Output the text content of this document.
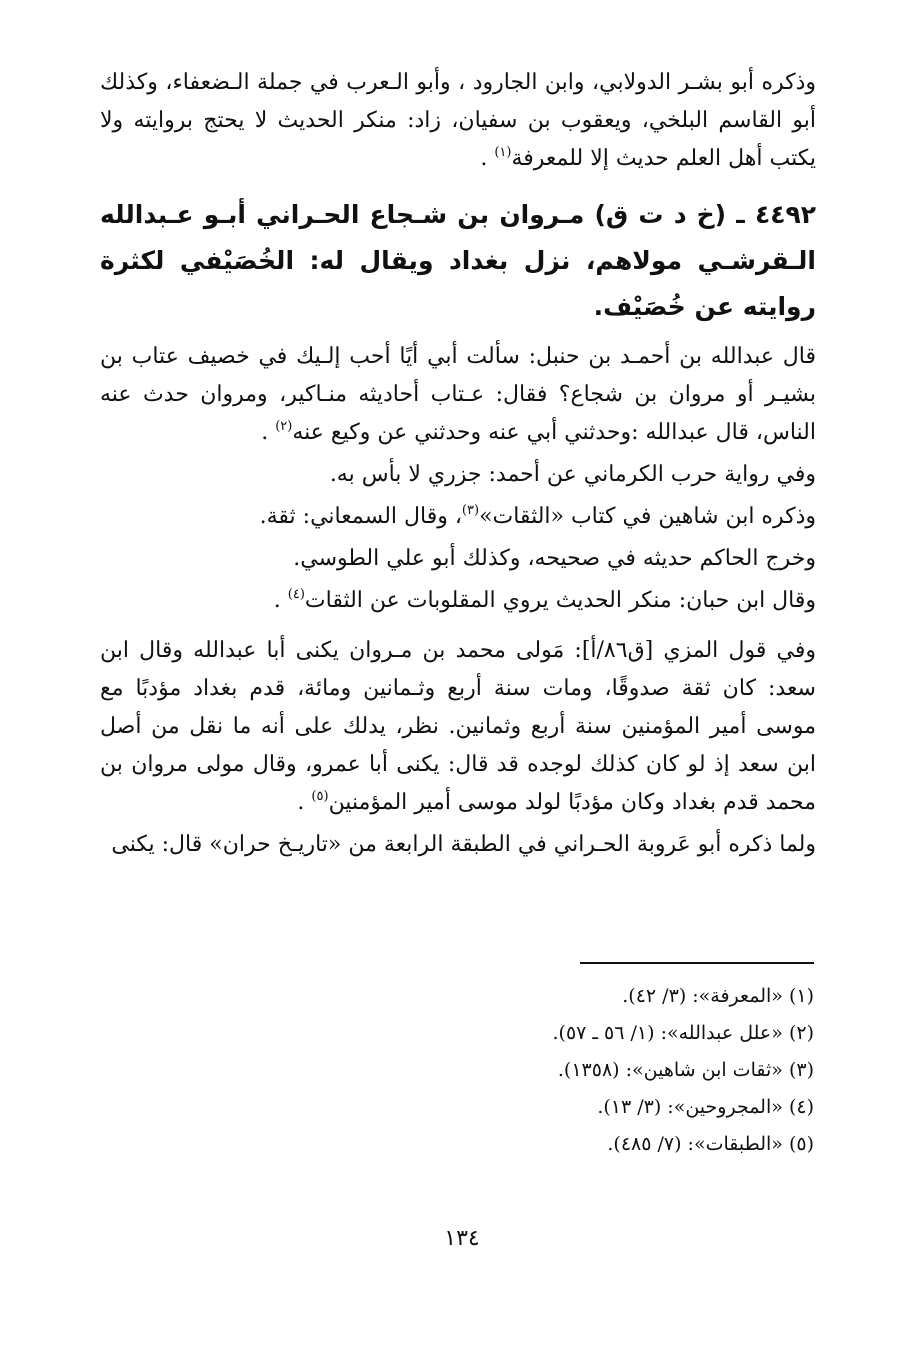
وذكره أبو بشـر الدولابي، وابن الجارود ، وأبو الـعرب في جملة الـضعفاء، وكذلك أبو القاسم البلخي، ويعقوب بن سفيان، زاد: منكر الحديث لا يحتج بروايته ولا يكتب أهل العلم حديث إلا للمعرفة$^{(١)}$ .

٤٤٩٢ ـ (خ د ت ق) مـروان بن شـجاع الحـراني أبـو عـبدالله الـقرشـي مولاهم، نزل بغداد ويقال له: الخُصَيْفي لكثرة روايته عن خُصَيْف.

قال عبدالله بن أحمـد بن حنبل: سألت أبي أيًا أحب إلـيك في خصيف عتاب بن بشيـر أو مروان بن شجاع؟ فقال: عـتاب أحاديثه منـاكير، ومروان حدث عنه الناس، قال عبدالله :وحدثني أبي عنه وحدثني عن وكيع عنه$^{(٢)}$ .

وفي رواية حرب الكرماني عن أحمد: جزري لا بأس به.

وذكره ابن شاهين في كتاب «الثقات»$^{(٣)}$، وقال السمعاني: ثقة.

وخرج الحاكم حديثه في صحيحه، وكذلك أبو علي الطوسي.

وقال ابن حبان: منكر الحديث يروي المقلوبات عن الثقات$^{(٤)}$ .

وفي قول المزي [ق٨٦/أ]: مَولى محمد بن مـروان يكنى أبا عبدالله وقال ابن سعد: كان ثقة صدوقًا، ومات سنة أربع وثـمانين ومائة، قدم بغداد مؤدبًا مع موسى أمير المؤمنين سنة أربع وثمانين. نظر، يدلك على أنه ما نقل من أصل ابن سعد إذ لو كان كذلك لوجده قد قال: يكنى أبا عمرو، وقال مولى مروان بن محمد قدم بغداد وكان مؤدبًا لولد موسى أمير المؤمنين$^{(٥)}$ .

ولما ذكره أبو عَروبة الحـراني في الطبقة الرابعة من «تاريـخ حران» قال: يكنى

(١) «المعرفة»: (٣/ ٤٢).

(٢) «علل عبدالله»: (١/ ٥٦ ـ ٥٧).

(٣) «ثقات ابن شاهين»: (١٣٥٨).

(٤) «المجروحين»: (٣/ ١٣).

(٥) «الطبقات»: (٧/ ٤٨٥).

١٣٤
